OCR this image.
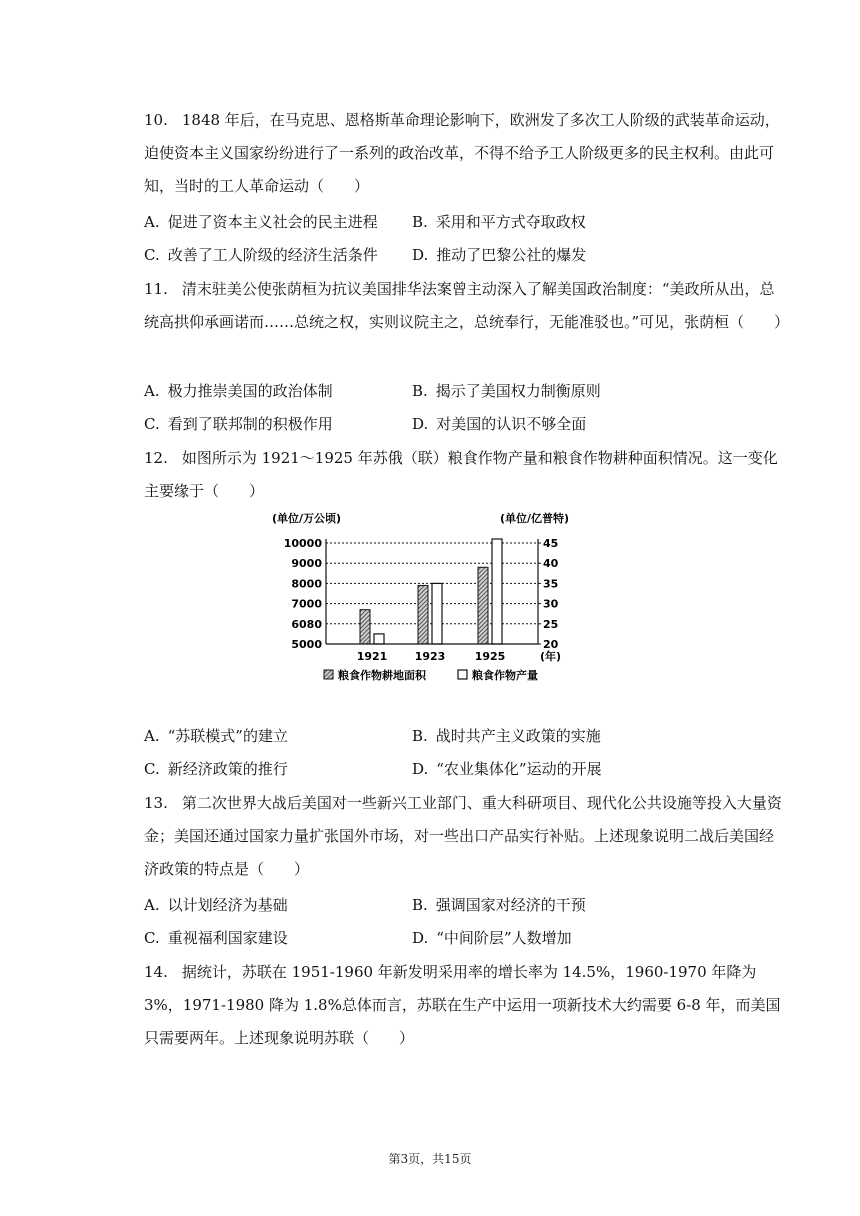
10. 1848 年后，在马克思、恩格斯革命理论影响下，欧洲发了多次工人阶级的武装革命运动，迫使资本主义国家纷纷进行了一系列的政治改革，不得不给予工人阶级更多的民主权利。由此可知，当时的工人革命运动（　　）

A. 促进了资本主义社会的民主进程 B. 采用和平方式夺取政权
C. 改善了工人阶级的经济生活条件 D. 推动了巴黎公社的爆发

11. 清末驻美公使张荫桓为抗议美国排华法案曾主动深入了解美国政治制度：“美政所从出，总统高拱仰承画诺而……总统之权，实则议院主之，总统奉行，无能准驳也。”可见，张荫桓（　　）

A. 极力推崇美国的政治体制	B. 揭示了美国权力制衡原则
C. 看到了联邦制的积极作用	D. 对美国的认识不够全面

12. 如图所示为 1921～1925 年苏俄（联）粮食作物产量和粮食作物耕种面积情况。这一变化主要缘于（　　）

(单位/万公顷)	(单位/亿普特)
10000
9000
8000
7000
6080
5000
45
40
35
30
25
20
1921 1923	1925	(年)
粮食作物耕地面积	粮食作物产量
A. “苏联模式”的建立	B. 战时共产主义政策的实施
C. 新经济政策的推行	D. “农业集体化”运动的开展

13. 第二次世界大战后美国对一些新兴工业部门、重大科研项目、现代化公共设施等投入大量资金；美国还通过国家力量扩张国外市场，对一些出口产品实行补贴。上述现象说明二战后美国经济政策的特点是（　　）

A. 以计划经济为基础	B. 强调国家对经济的干预
C. 重视福利国家建设	D. “中间阶层”人数增加

14. 据统计，苏联在 1951-1960 年新发明采用率的增长率为 14.5%，1960-1970 年降为 3%，1971-1980 降为 1.8%总体而言，苏联在生产中运用一项新技术大约需要 6-8 年，而美国只需要两年。上述现象说明苏联（　　）

第3页，共15页
